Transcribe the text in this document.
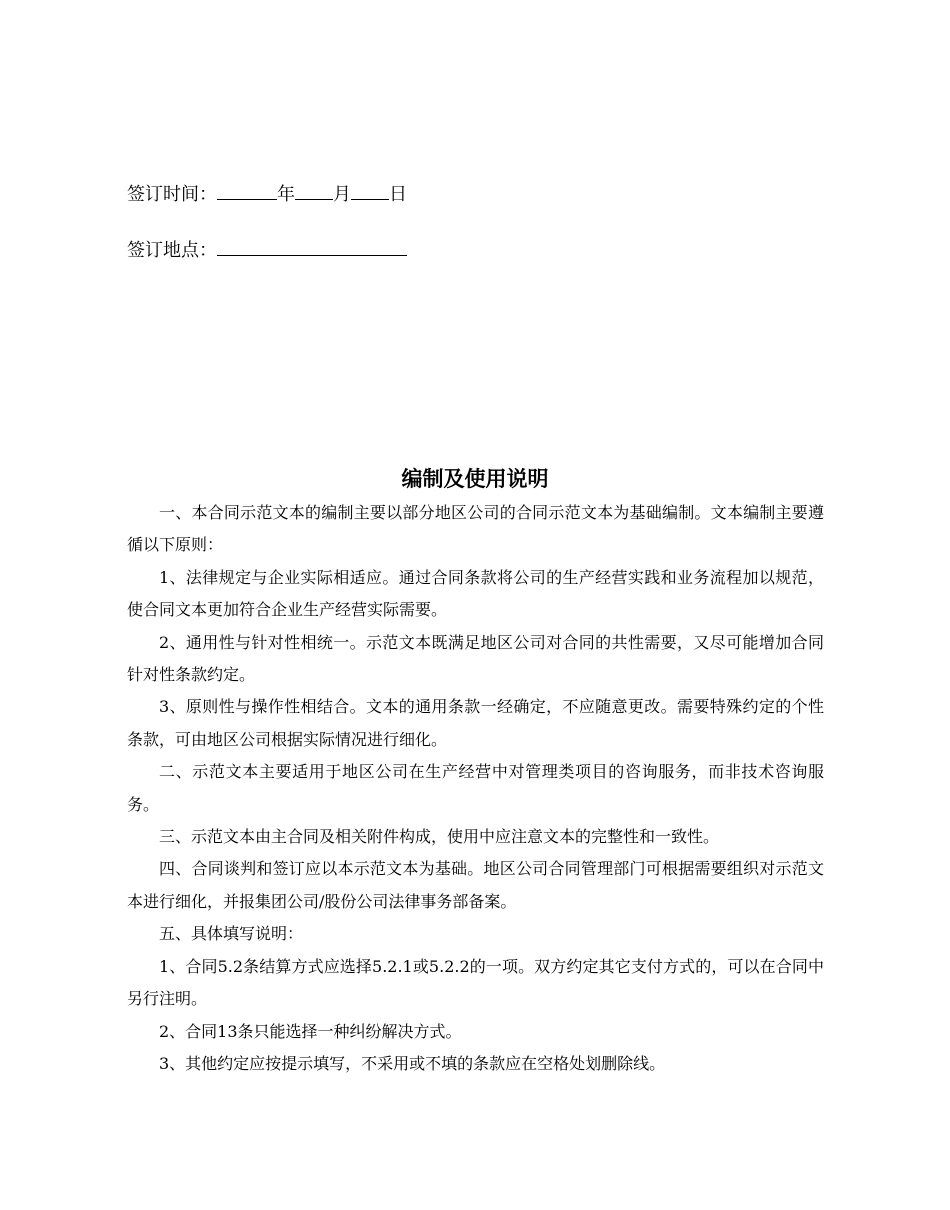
签订时间：	年 月 日
签订地点：
编制及使用说明

一、本合同示范文本的编制主要以部分地区公司的合同示范文本为基础编制。文本编制主要遵循以下原则：

1、法律规定与企业实际相适应。通过合同条款将公司的生产经营实践和业务流程加以规范，使合同文本更加符合企业生产经营实际需要。

2、通用性与针对性相统一。示范文本既满足地区公司对合同的共性需要，又尽可能增加合同针对性条款约定。

3、原则性与操作性相结合。文本的通用条款一经确定，不应随意更改。需要特殊约定的个性条款，可由地区公司根据实际情况进行细化。

二、示范文本主要适用于地区公司在生产经营中对管理类项目的咨询服务，而非技术咨询服务。

三、示范文本由主合同及相关附件构成，使用中应注意文本的完整性和一致性。

四、合同谈判和签订应以本示范文本为基础。地区公司合同管理部门可根据需要组织对示范文本进行细化，并报集团公司/股份公司法律事务部备案。

五、具体填写说明：

1、合同5.2条结算方式应选择5.2.1或5.2.2的一项。双方约定其它支付方式的，可以在合同中另行注明。

2、合同13条只能选择一种纠纷解决方式。

3、其他约定应按提示填写，不采用或不填的条款应在空格处划删除线。
